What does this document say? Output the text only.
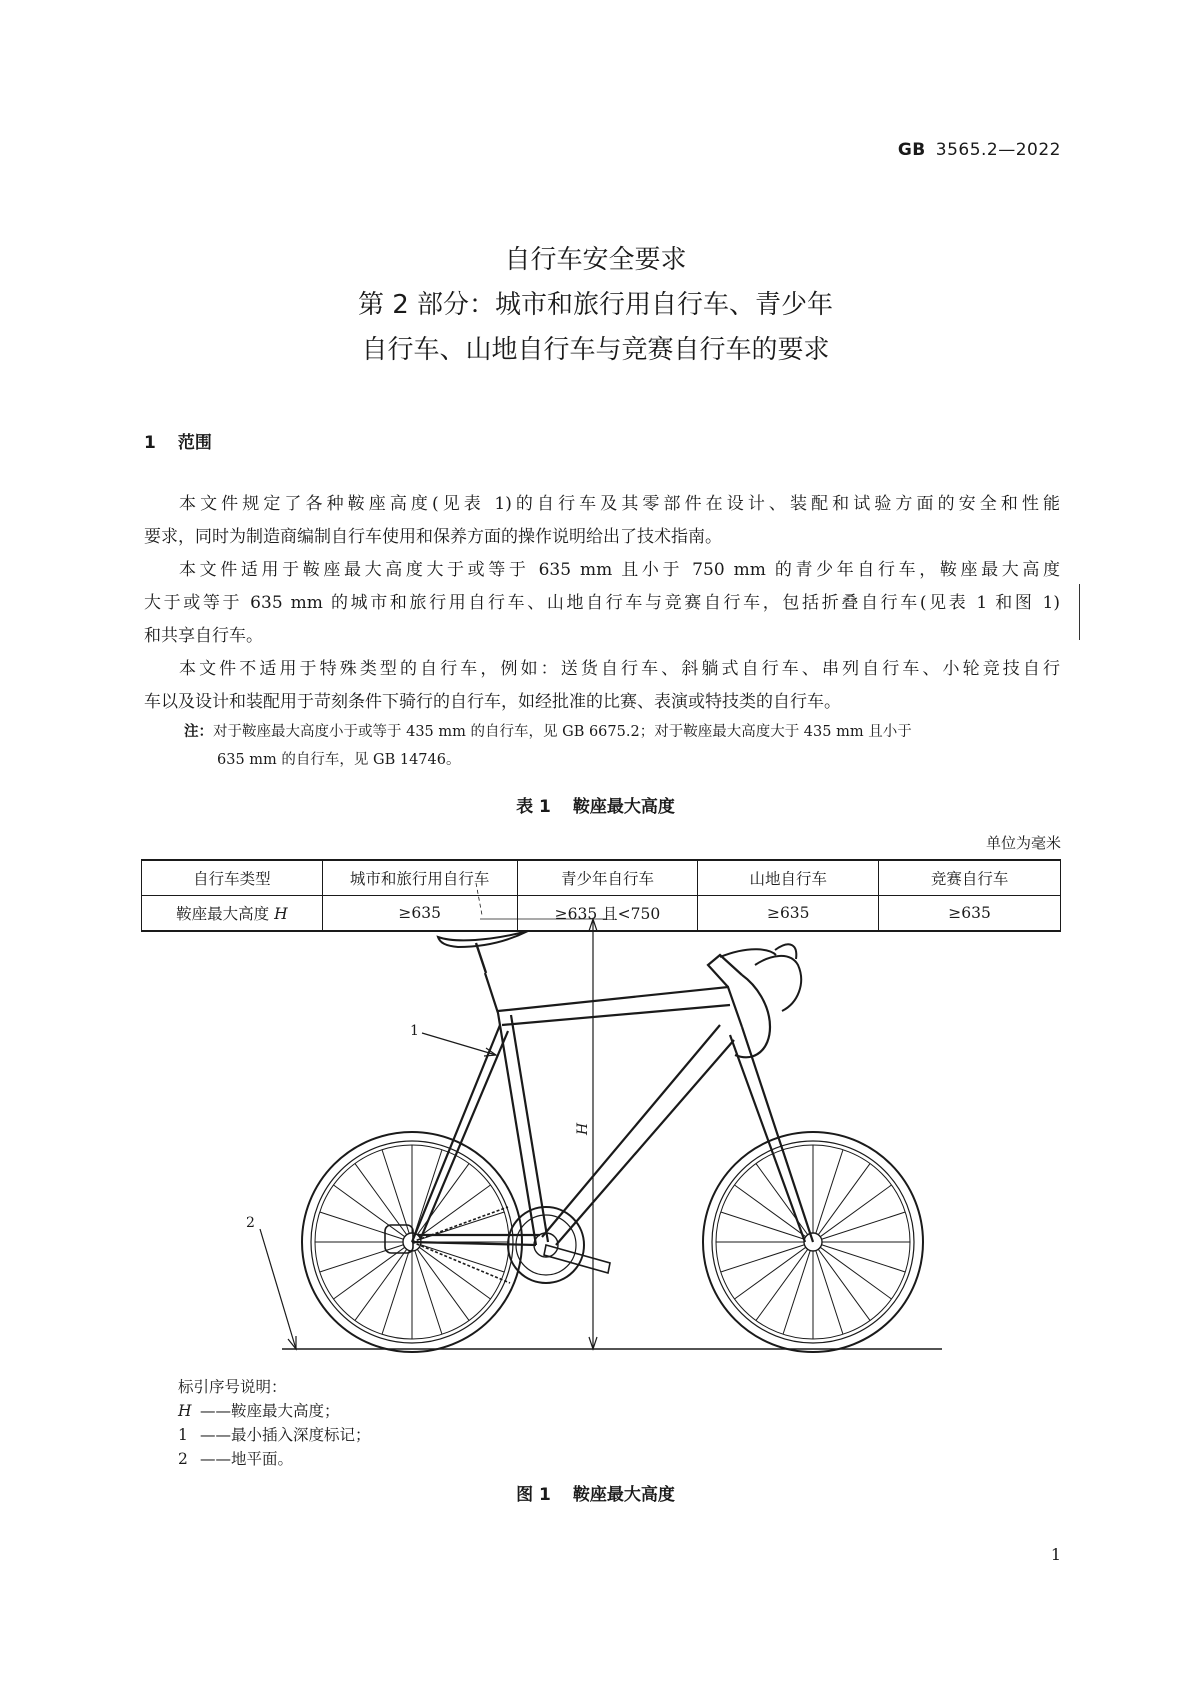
GB 3565.2—2022
自行车安全要求
第 2 部分：城市和旅行用自行车、青少年
自行车、山地自行车与竞赛自行车的要求
1 范围
本文件规定了各种鞍座高度(见表 1)的自行车及其零部件在设计、装配和试验方面的安全和性能
要求，同时为制造商编制自行车使用和保养方面的操作说明给出了技术指南。
本文件适用于鞍座最大高度大于或等于 635 mm 且小于 750 mm 的青少年自行车，鞍座最大高度
大于或等于 635 mm 的城市和旅行用自行车、山地自行车与竞赛自行车，包括折叠自行车(见表 1 和图 1)
和共享自行车。
本文件不适用于特殊类型的自行车，例如：送货自行车、斜躺式自行车、串列自行车、小轮竞技自行
车以及设计和装配用于苛刻条件下骑行的自行车，如经批准的比赛、表演或特技类的自行车。
注：对于鞍座最大高度小于或等于 435 mm 的自行车，见 GB 6675.2；对于鞍座最大高度大于 435 mm 且小于
635 mm 的自行车，见 GB 14746。
表 1 鞍座最大高度
单位为毫米
自行车类型	城市和旅行用自行车	青少年自行车	山地自行车	竞赛自行车
鞍座最大高度 H	≥635	≥635 且<750	≥635	≥635
1
2
H
标引序号说明：
H ——鞍座最大高度；
1 ——最小插入深度标记；
2 ——地平面。
图 1 鞍座最大高度
1
